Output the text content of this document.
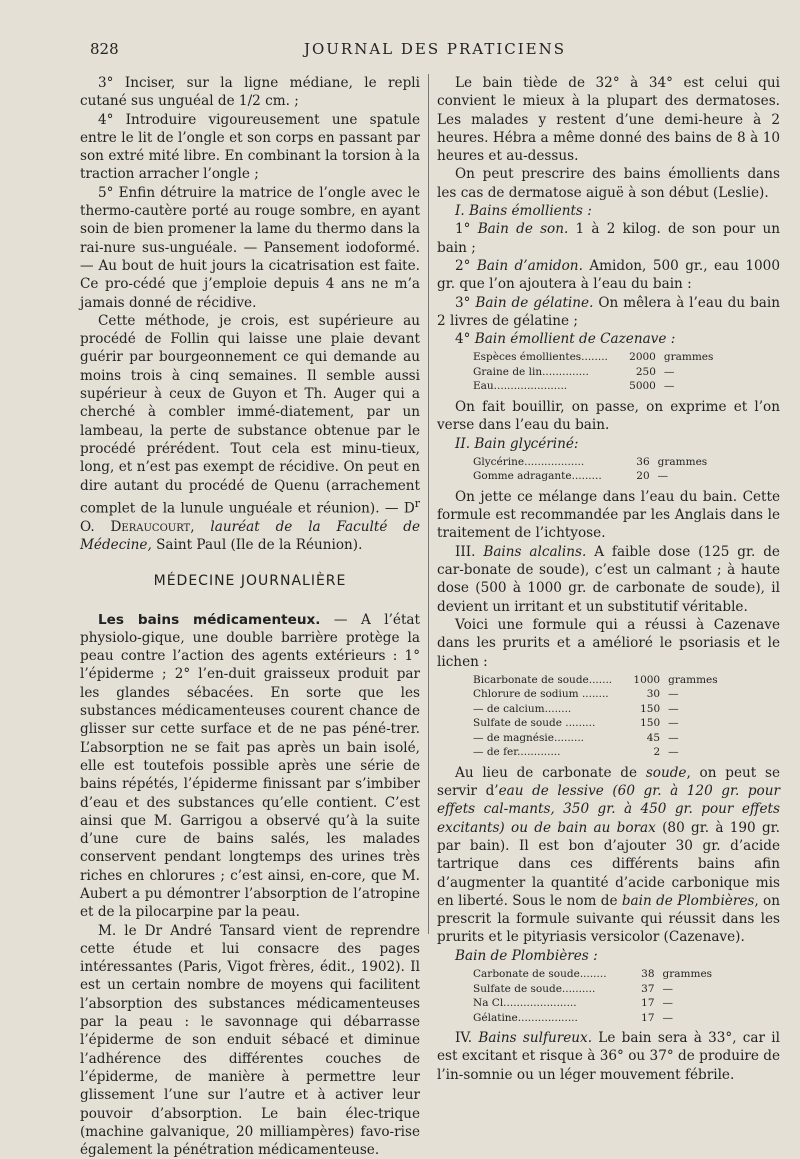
828	JOURNAL DES PRATICIENS

3° Inciser, sur la ligne médiane, le repli cutané sus unguéal de 1/2 cm. ;

4° Introduire vigoureusement une spatule entre le lit de l’ongle et son corps en passant par son extré mité libre. En combinant la torsion à la traction arracher l’ongle ;

5° Enfin détruire la matrice de l’ongle avec le thermo-cautère porté au rouge sombre, en ayant soin de bien promener la lame du thermo dans la rai-nure sus-unguéale. — Pansement iodoformé. — Au bout de huit jours la cicatrisation est faite. Ce pro-cédé que j’emploie depuis 4 ans ne m’a jamais donné de récidive.

Cette méthode, je crois, est supérieure au procédé de Follin qui laisse une plaie devant guérir par bourgeonnement ce qui demande au moins trois à cinq semaines. Il semble aussi supérieur à ceux de Guyon et Th. Auger qui a cherché à combler immé-diatement, par un lambeau, la perte de substance obtenue par le procédé prérédent. Tout cela est minu-tieux, long, et n’est pas exempt de récidive. On peut en dire autant du procédé de Quenu (arrachement complet de la lunule unguéale et réunion). — $D^r$ O. Deraucourt, lauréat de la Faculté de Médecine, Saint Paul (Ile de la Réunion).

MÉDECINE JOURNALIÈRE

Les bains médicamenteux. — A l’état physiolo-gique, une double barrière protège la peau contre l’action des agents extérieurs : 1° l’épiderme ; 2° l’en-duit graisseux produit par les glandes sébacées. En sorte que les substances médicamenteuses courent chance de glisser sur cette surface et de ne pas péné-trer. L’absorption ne se fait pas après un bain isolé, elle est toutefois possible après une série de bains répétés, l’épiderme finissant par s’imbiber d’eau et des substances qu’elle contient. C’est ainsi que M. Garrigou a observé qu’à la suite d’une cure de bains salés, les malades conservent pendant longtemps des urines très riches en chlorures ; c’est ainsi, en-core, que M. Aubert a pu démontrer l’absorption de l’atropine et de la pilocarpine par la peau.

M. le Dr André Tansard vient de reprendre cette étude et lui consacre des pages intéressantes (Paris, Vigot frères, édit., 1902). Il est un certain nombre de moyens qui facilitent l’absorption des substances médicamenteuses par la peau : le savonnage qui débarrasse l’épiderme de son enduit sébacé et diminue l’adhérence des différentes couches de l’épiderme, de manière à permettre leur glissement l’une sur l’autre et à activer leur pouvoir d’absorption. Le bain élec-trique (machine galvanique, 20 milliampères) favo-rise également la pénétration médicamenteuse.

Le bain tiède de 32° à 34° est celui qui convient le mieux à la plupart des dermatoses. Les malades y restent d’une demi-heure à 2 heures. Hébra a même donné des bains de 8 à 10 heures et au-dessus.

On peut prescrire des bains émollients dans les cas de dermatose aiguë à son début (Leslie).

I. Bains émollients :

1° Bain de son. 1 à 2 kilog. de son pour un bain ;

2° Bain d’amidon. Amidon, 500 gr., eau 1000 gr. que l’on ajoutera à l’eau du bain :

3° Bain de gélatine. On mêlera à l’eau du bain 2 livres de gélatine ;

4° Bain émollient de Cazenave :

Espèces émollientes........	2000	grammes
Graine de lin..............	250	—
Eau......................	5000	—

On fait bouillir, on passe, on exprime et l’on verse dans l’eau du bain.

II. Bain glycériné:

Glycérine..................	36	grammes
Gomme adragante.........	20	—

On jette ce mélange dans l’eau du bain. Cette formule est recommandée par les Anglais dans le traitement de l’ichtyose.

III. Bains alcalins. A faible dose (125 gr. de car-bonate de soude), c’est un calmant ; à haute dose (500 à 1000 gr. de carbonate de soude), il devient un irritant et un substitutif véritable.

Voici une formule qui a réussi à Cazenave dans les prurits et a amélioré le psoriasis et le lichen :

Bicarbonate de soude.......	1000	grammes
Chlorure de sodium ........	30	—
— de calcium........	150	—
Sulfate de soude .........	150	—
— de magnésie.........	45	—
— de fer.............	2	—

Au lieu de carbonate de soude, on peut se servir d’eau de lessive (60 gr. à 120 gr. pour effets cal-mants, 350 gr. à 450 gr. pour effets excitants) ou de bain au borax (80 gr. à 190 gr. par bain). Il est bon d’ajouter 30 gr. d’acide tartrique dans ces différents bains afin d’augmenter la quantité d’acide carbonique mis en liberté. Sous le nom de bain de Plombières, on prescrit la formule suivante qui réussit dans les prurits et le pityriasis versicolor (Cazenave).

Bain de Plombières :

Carbonate de soude........	38	grammes
Sulfate de soude..........	37	—
Na Cl......................	17	—
Gélatine..................	17	—

IV. Bains sulfureux. Le bain sera à 33°, car il est excitant et risque à 36° ou 37° de produire de l’in-somnie ou un léger mouvement fébrile.
